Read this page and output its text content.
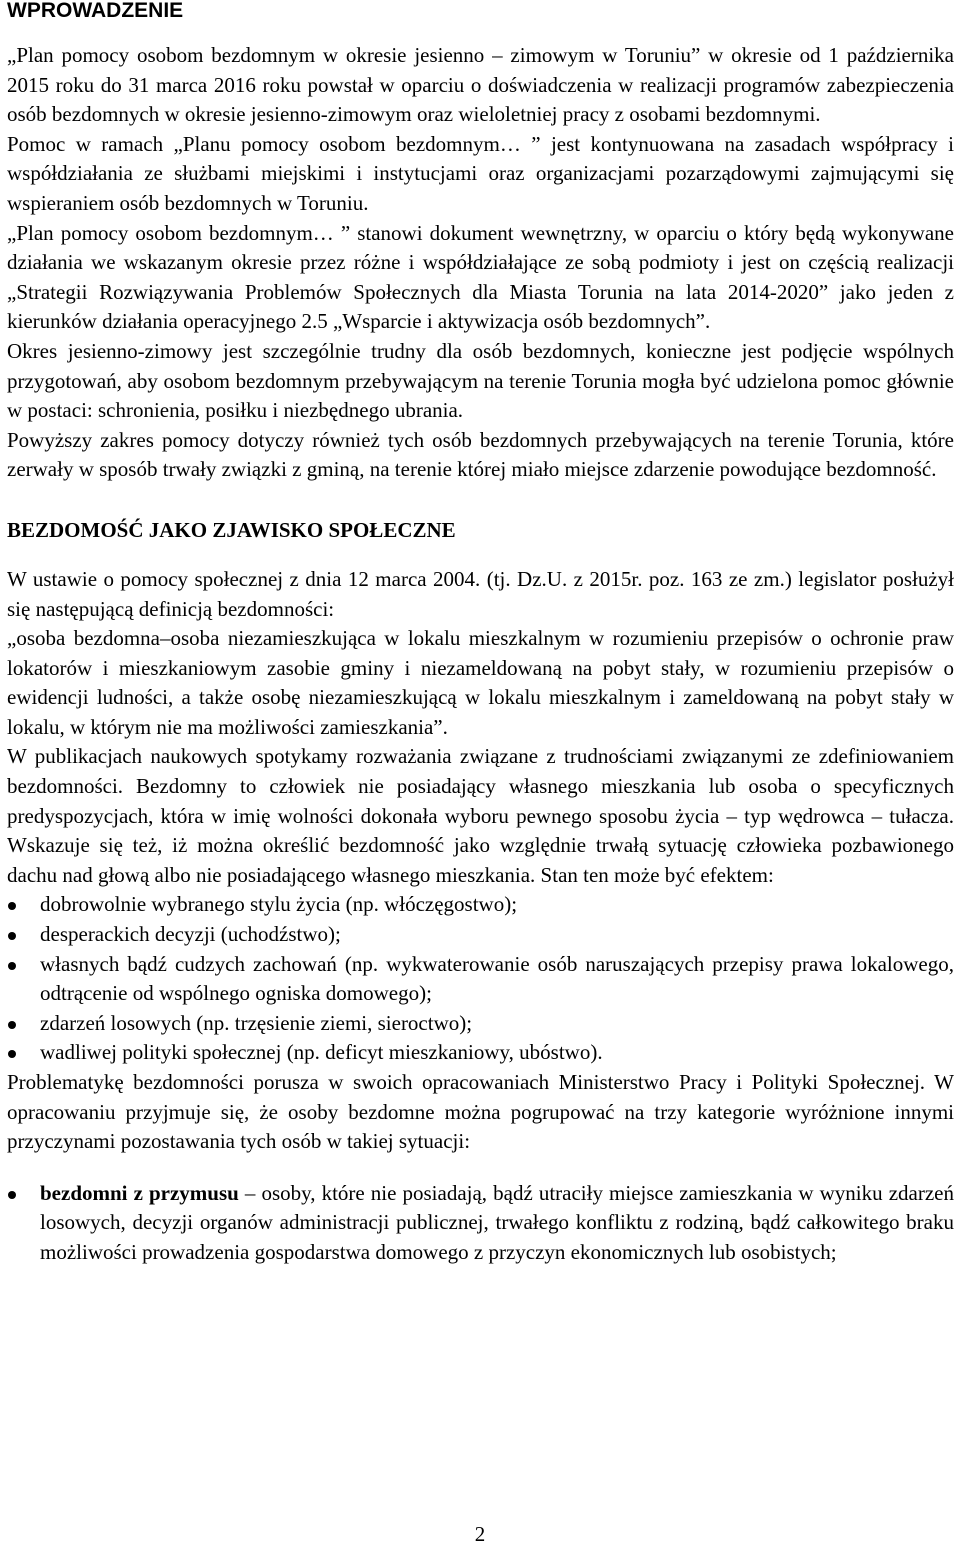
WPROWADZENIE

„Plan pomocy osobom bezdomnym w okresie jesienno – zimowym w Toruniu” w okresie od 1 października 2015 roku do 31 marca 2016 roku powstał w oparciu o doświadczenia w realizacji programów zabezpieczenia osób bezdomnych w okresie jesienno-zimowym oraz wieloletniej pracy z osobami bezdomnymi.

Pomoc w ramach „Planu pomocy osobom bezdomnym… ” jest kontynuowana na zasadach współpracy i współdziałania ze służbami miejskimi i instytucjami oraz organizacjami pozarządowymi zajmującymi się wspieraniem osób bezdomnych w Toruniu.

„Plan pomocy osobom bezdomnym… ” stanowi dokument wewnętrzny, w oparciu o który będą wykonywane działania we wskazanym okresie przez różne i współdziałające ze sobą podmioty i jest on częścią realizacji „Strategii Rozwiązywania Problemów Społecznych dla Miasta Torunia na lata 2014-2020” jako jeden z kierunków działania operacyjnego 2.5 „Wsparcie i aktywizacja osób bezdomnych”.

Okres jesienno-zimowy jest szczególnie trudny dla osób bezdomnych, konieczne jest podjęcie wspólnych przygotowań, aby osobom bezdomnym przebywającym na terenie Torunia mogła być udzielona pomoc głównie w postaci: schronienia, posiłku i niezbędnego ubrania.

Powyższy zakres pomocy dotyczy również tych osób bezdomnych przebywających na terenie Torunia, które zerwały w sposób trwały związki z gminą, na terenie której miało miejsce zdarzenie powodujące bezdomność.

BEZDOMOŚĆ JAKO ZJAWISKO SPOŁECZNE

W ustawie o pomocy społecznej z dnia 12 marca 2004. (tj. Dz.U. z 2015r. poz. 163 ze zm.) legislator posłużył się następującą definicją bezdomności:

„osoba bezdomna–osoba niezamieszkująca w lokalu mieszkalnym w rozumieniu przepisów o ochronie praw lokatorów i mieszkaniowym zasobie gminy i niezameldowaną na pobyt stały, w rozumieniu przepisów o ewidencji ludności, a także osobę niezamieszkującą w lokalu mieszkalnym i zameldowaną na pobyt stały w lokalu, w którym nie ma możliwości zamieszkania”.

W publikacjach naukowych spotykamy rozważania związane z trudnościami związanymi ze zdefiniowaniem bezdomności. Bezdomny to człowiek nie posiadający własnego mieszkania lub osoba o specyficznych predyspozycjach, która w imię wolności dokonała wyboru pewnego sposobu życia – typ wędrowca – tułacza. Wskazuje się też, iż można określić bezdomność jako względnie trwałą sytuację człowieka pozbawionego dachu nad głową albo nie posiadającego własnego mieszkania. Stan ten może być efektem:

dobrowolnie wybranego stylu życia (np. włóczęgostwo);
desperackich decyzji (uchodźstwo);
własnych bądź cudzych zachowań (np. wykwaterowanie osób naruszających przepisy prawa lokalowego, odtrącenie od wspólnego ogniska domowego);
zdarzeń losowych (np. trzęsienie ziemi, sieroctwo);
wadliwej polityki społecznej (np. deficyt mieszkaniowy, ubóstwo).

Problematykę bezdomności porusza w swoich opracowaniach Ministerstwo Pracy i Polityki Społecznej. W opracowaniu przyjmuje się, że osoby bezdomne można pogrupować na trzy kategorie wyróżnione innymi przyczynami pozostawania tych osób w takiej sytuacji:

bezdomni z przymusu – osoby, które nie posiadają, bądź utraciły miejsce zamieszkania w wyniku zdarzeń losowych, decyzji organów administracji publicznej, trwałego konfliktu z rodziną, bądź całkowitego braku możliwości prowadzenia gospodarstwa domowego z przyczyn ekonomicznych lub osobistych;
2
